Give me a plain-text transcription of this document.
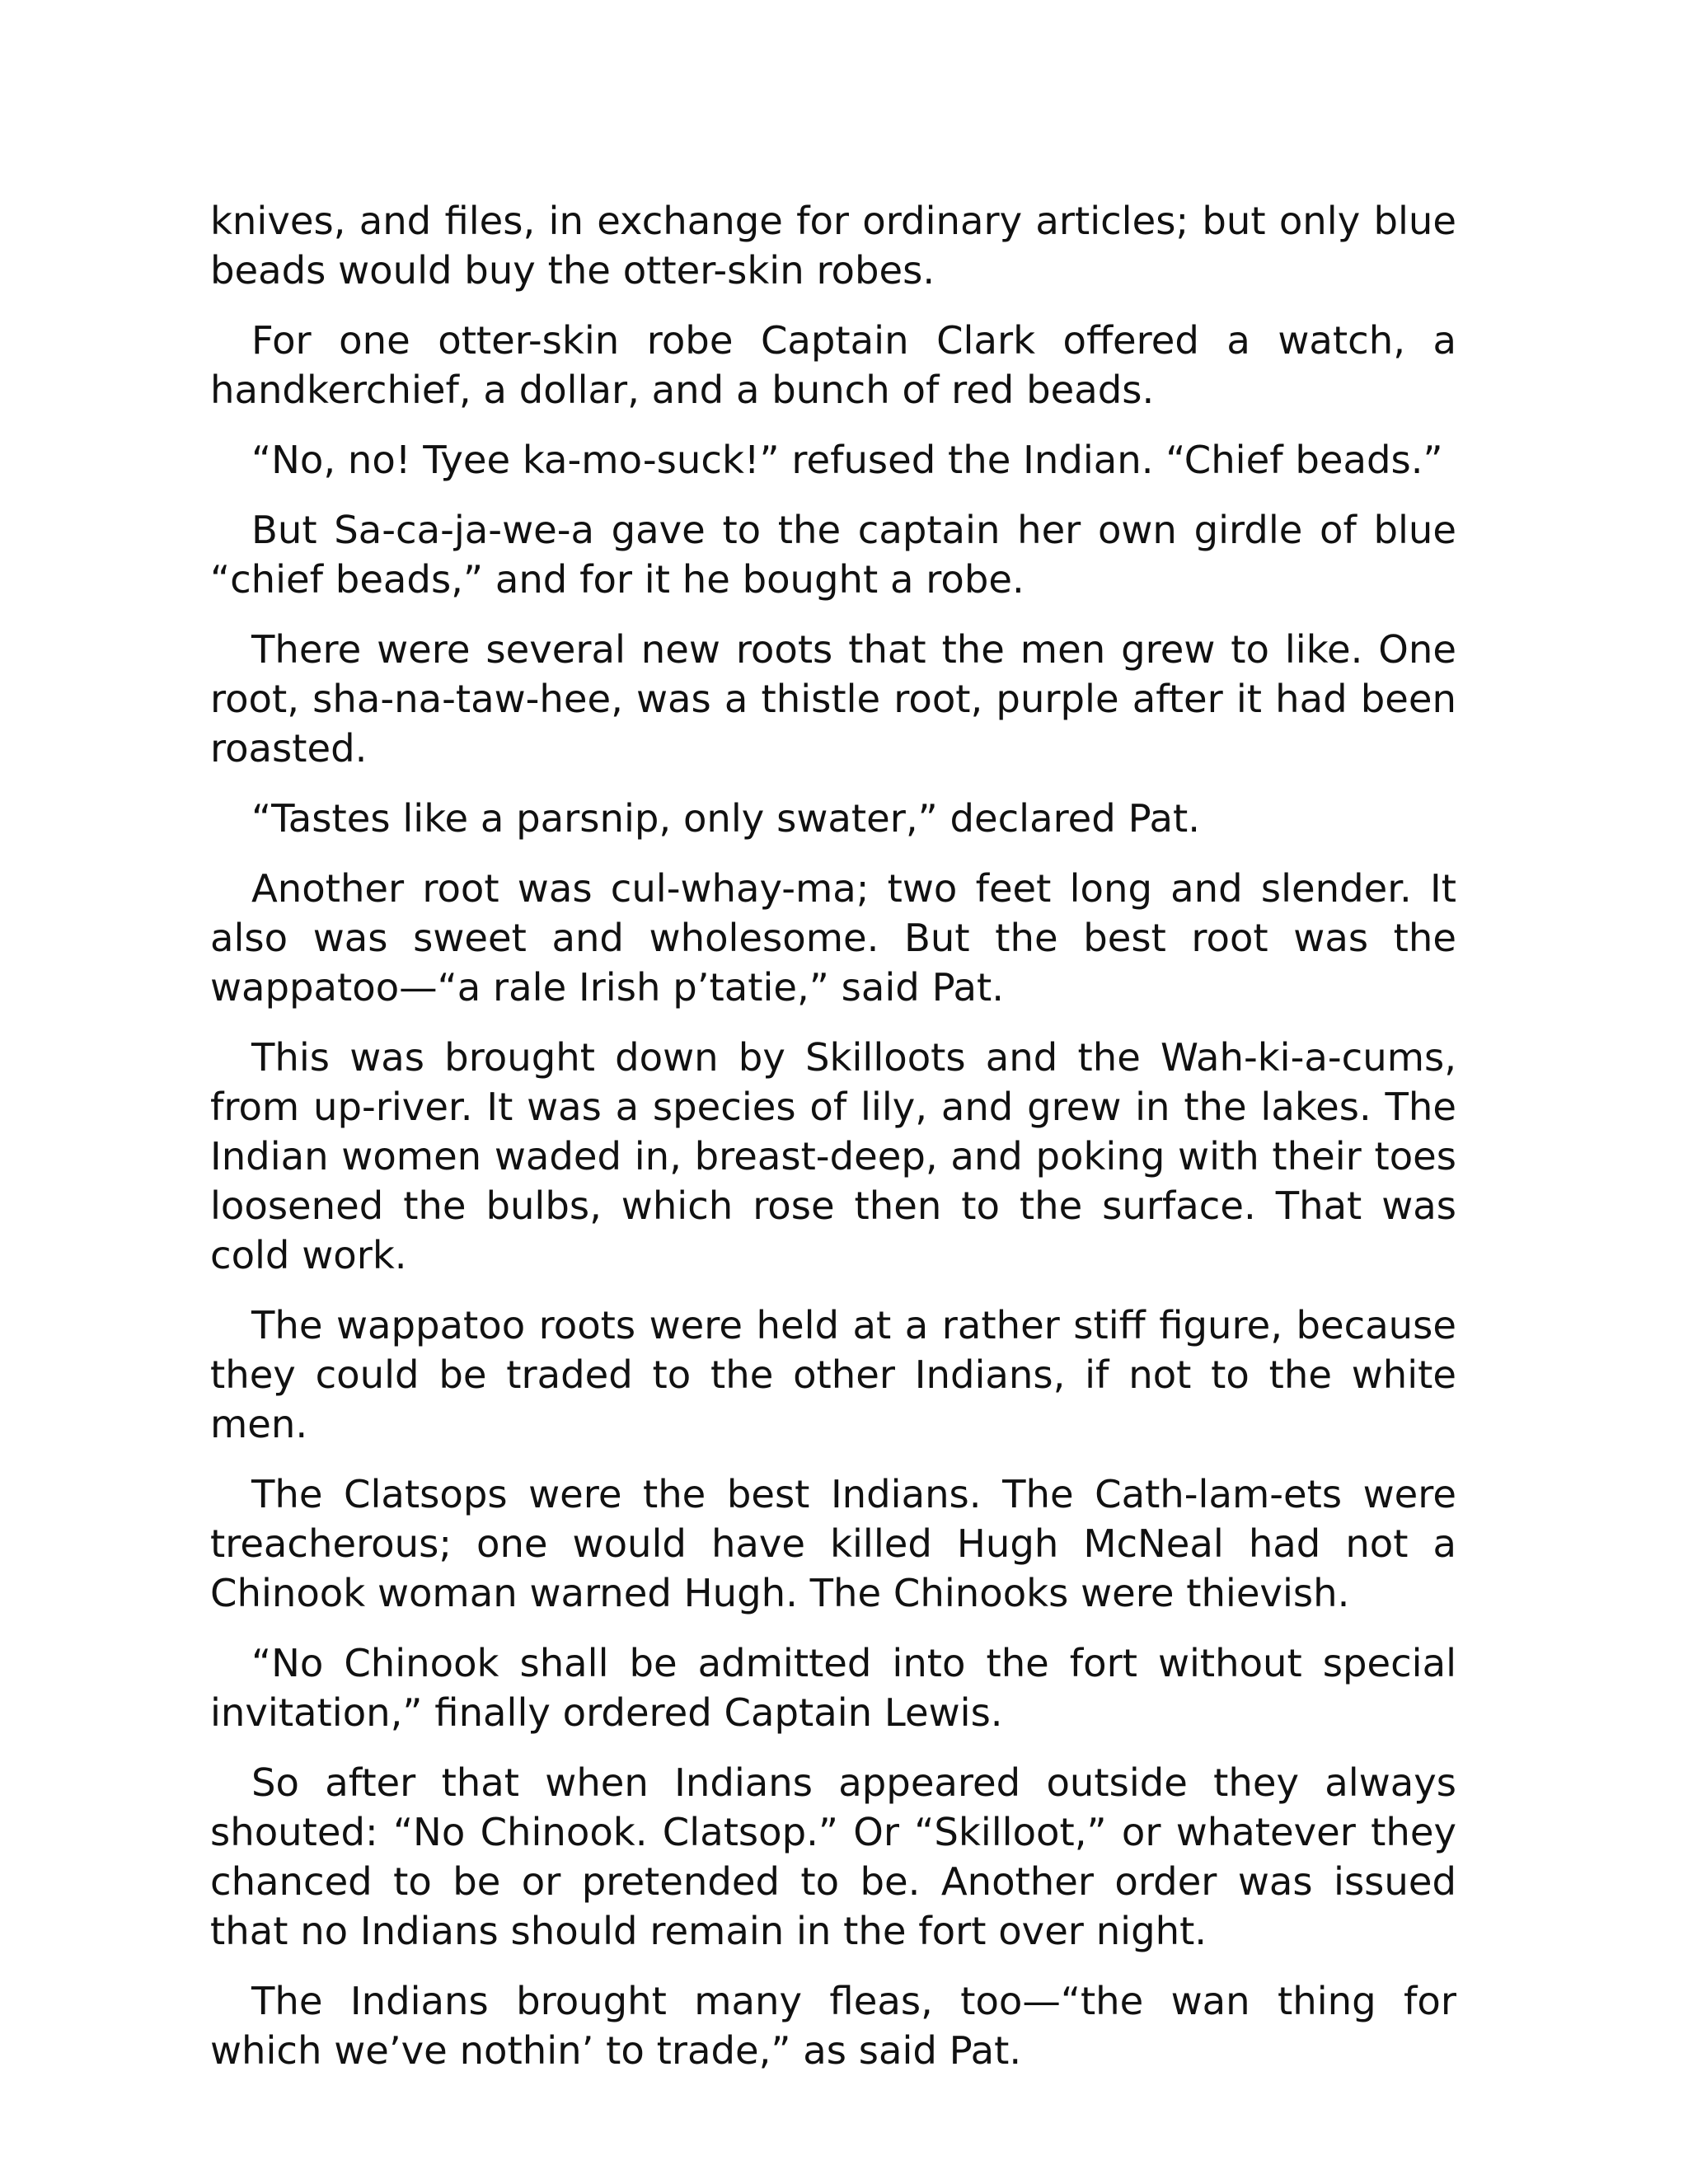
knives, and files, in exchange for ordinary articles; but only blue beads would buy the otter-skin robes.

For one otter-skin robe Captain Clark offered a watch, a handkerchief, a dollar, and a bunch of red beads.

“No, no! Tyee ka-mo-suck!” refused the Indian. “Chief beads.”

But Sa-ca-ja-we-a gave to the captain her own girdle of blue “chief beads,” and for it he bought a robe.

There were several new roots that the men grew to like. One root, sha-na-taw-hee, was a thistle root, purple after it had been roasted.

“Tastes like a parsnip, only swater,” declared Pat.

Another root was cul-whay-ma; two feet long and slender. It also was sweet and wholesome. But the best root was the wappatoo—“a rale Irish p’tatie,” said Pat.

This was brought down by Skilloots and the Wah-ki-a-cums, from up-river. It was a species of lily, and grew in the lakes. The Indian women waded in, breast-deep, and poking with their toes loosened the bulbs, which rose then to the surface. That was cold work.

The wappatoo roots were held at a rather stiff figure, because they could be traded to the other Indians, if not to the white men.

The Clatsops were the best Indians. The Cath-lam-ets were treacherous; one would have killed Hugh McNeal had not a Chinook woman warned Hugh. The Chinooks were thievish.

“No Chinook shall be admitted into the fort without special invitation,” finally ordered Captain Lewis.

So after that when Indians appeared outside they always shouted: “No Chinook. Clatsop.” Or “Skilloot,” or whatever they chanced to be or pretended to be. Another order was issued that no Indians should remain in the fort over night.

The Indians brought many fleas, too—“the wan thing for which we’ve nothin’ to trade,” as said Pat.
